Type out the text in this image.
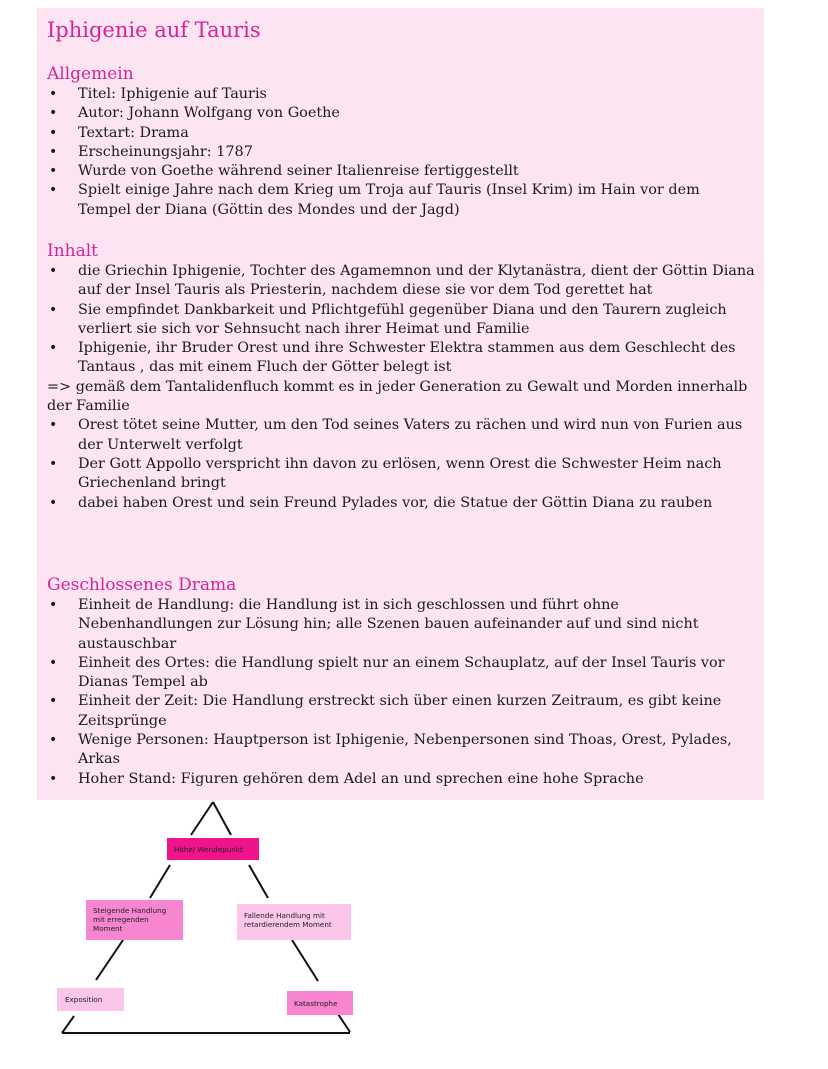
Iphigenie auf Tauris
Allgemein
• Titel: Iphigenie auf Tauris
• Autor: Johann Wolfgang von Goethe
• Textart: Drama
• Erscheinungsjahr: 1787
• Wurde von Goethe während seiner Italienreise fertiggestellt
• Spielt einige Jahre nach dem Krieg um Troja auf Tauris (Insel Krim) im Hain vor dem Tempel der Diana (Göttin des Mondes und der Jagd)
Inhalt
• die Griechin Iphigenie, Tochter des Agamemnon und der Klytanästra, dient der Göttin Diana auf der Insel Tauris als Priesterin, nachdem diese sie vor dem Tod gerettet hat
• Sie empfindet Dankbarkeit und Pflichtgefühl gegenüber Diana und den Taurern zugleich verliert sie sich vor Sehnsucht nach ihrer Heimat und Familie
• Iphigenie, ihr Bruder Orest und ihre Schwester Elektra stammen aus dem Geschlecht des Tantaus , das mit einem Fluch der Götter belegt ist
=> gemäß dem Tantalidenfluch kommt es in jeder Generation zu Gewalt und Morden innerhalb der Familie
• Orest tötet seine Mutter, um den Tod seines Vaters zu rächen und wird nun von Furien aus der Unterwelt verfolgt
• Der Gott Appollo verspricht ihn davon zu erlösen, wenn Orest die Schwester Heim nach Griechenland bringt
• dabei haben Orest und sein Freund Pylades vor, die Statue der Göttin Diana zu rauben
Geschlossenes Drama
• Einheit de Handlung: die Handlung ist in sich geschlossen und führt ohne Nebenhandlungen zur Lösung hin; alle Szenen bauen aufeinander auf und sind nicht austauschbar
• Einheit des Ortes: die Handlung spielt nur an einem Schauplatz, auf der Insel Tauris vor Dianas Tempel ab
• Einheit der Zeit: Die Handlung erstreckt sich über einen kurzen Zeitraum, es gibt keine Zeitsprünge
• Wenige Personen: Hauptperson ist Iphigenie, Nebenpersonen sind Thoas, Orest, Pylades, Arkas
• Hoher Stand: Figuren gehören dem Adel an und sprechen eine hohe Sprache
Höhe/ Wendepunkt
Steigende Handlung mit erregenden Moment
Fallende Handlung mit retardierendem Moment
Exposition	Katastrophe
